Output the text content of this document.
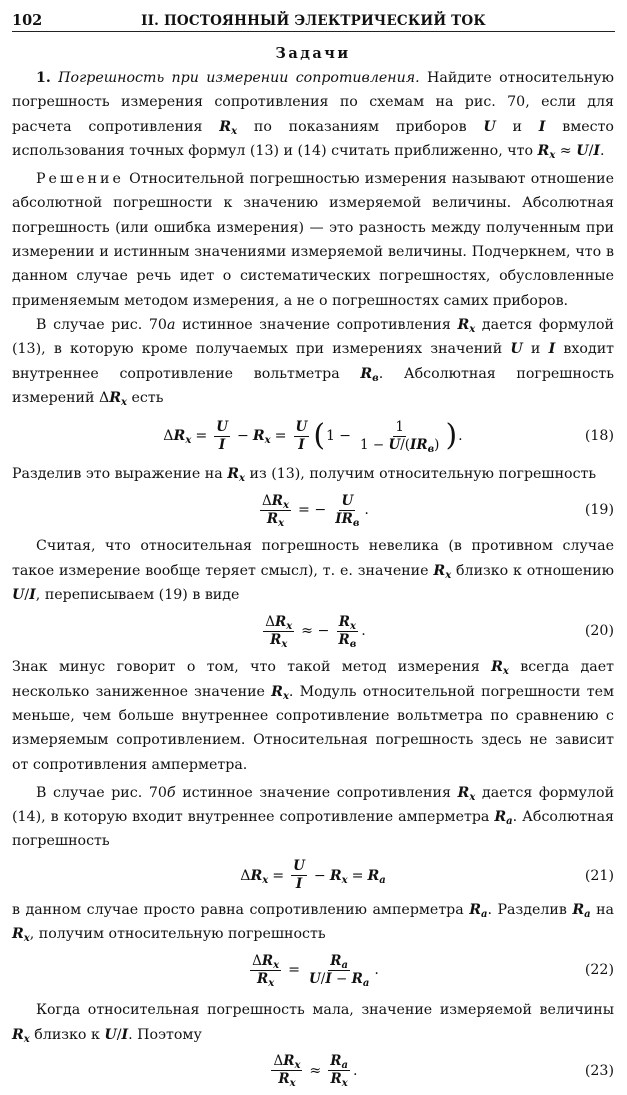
102	II. ПОСТОЯННЫЙ ЭЛЕКТРИЧЕСКИЙ ТОК
Задачи

1. Погрешность при измерении сопротивления. Найдите относительную погрешность измерения сопротивления по схемам на рис. 70, если для расчета сопротивления $R_x$ по показаниям приборов U и I вместо использования точных формул (13) и (14) считать приближенно, что $R_x \approx U/I$.

Решение Относительной погрешностью измерения называют отношение абсолютной погрешности к значению измеряемой величины. Абсолютная погрешность (или ошибка измерения) — это разность между полученным при измерении и истинным значениями измеряемой величины. Подчеркнем, что в данном случае речь идет о систематических погрешностях, обусловленные применяемым методом измерения, а не о погрешностях самих приборов.

В случае рис. 70а истинное значение сопротивления $R_x$ дается формулой (13), в которую кроме получаемых при измерениях значений U и I входит внутреннее сопротивление вольтметра $R_в$. Абсолютная погрешность измерений $\Delta R_x$ есть

$\Delta R_x = \frac{U}{I} - R_x = \frac{U}{I}$ ( $1 - \frac{1}{1 - U/(IR_в)}$ ) .	(18)

Разделив это выражение на $R_x$ из (13), получим относительную погрешность

$\frac{\Delta R_x}{R_x}$ = − $\frac{U}{IR_в}$ .	(19)

Считая, что относительная погрешность невелика (в противном случае такое измерение вообще теряет смысл), т. е. значение $R_x$ близко к отношению U/I, переписываем (19) в виде

$\frac{\Delta R_x}{R_x}$ ≈ − $\frac{R_x}{R_в}$ .	(20)

Знак минус говорит о том, что такой метод измерения $R_x$ всегда дает несколько заниженное значение $R_x$. Модуль относительной погрешности тем меньше, чем больше внутреннее сопротивление вольтметра по сравнению с измеряемым сопротивлением. Относительная погрешность здесь не зависит от сопротивления амперметра.

В случае рис. 70б истинное значение сопротивления $R_x$ дается формулой (14), в которую входит внутреннее сопротивление амперметра $R_a$. Абсолютная погрешность

$\Delta R_x = \frac{U}{I} - R_x = R_a$	(21)

в данном случае просто равна сопротивлению амперметра $R_a$. Разделив $R_a$ на $R_x$, получим относительную погрешность

$\frac{\Delta R_x}{R_x} = \frac{R_a}{U/I - R_a}$ .	(22)

Когда относительная погрешность мала, значение измеряемой величины $R_x$ близко к U/I. Поэтому

$\frac{\Delta R_x}{R_x} \approx \frac{R_a}{R_x}$ .	(23)
